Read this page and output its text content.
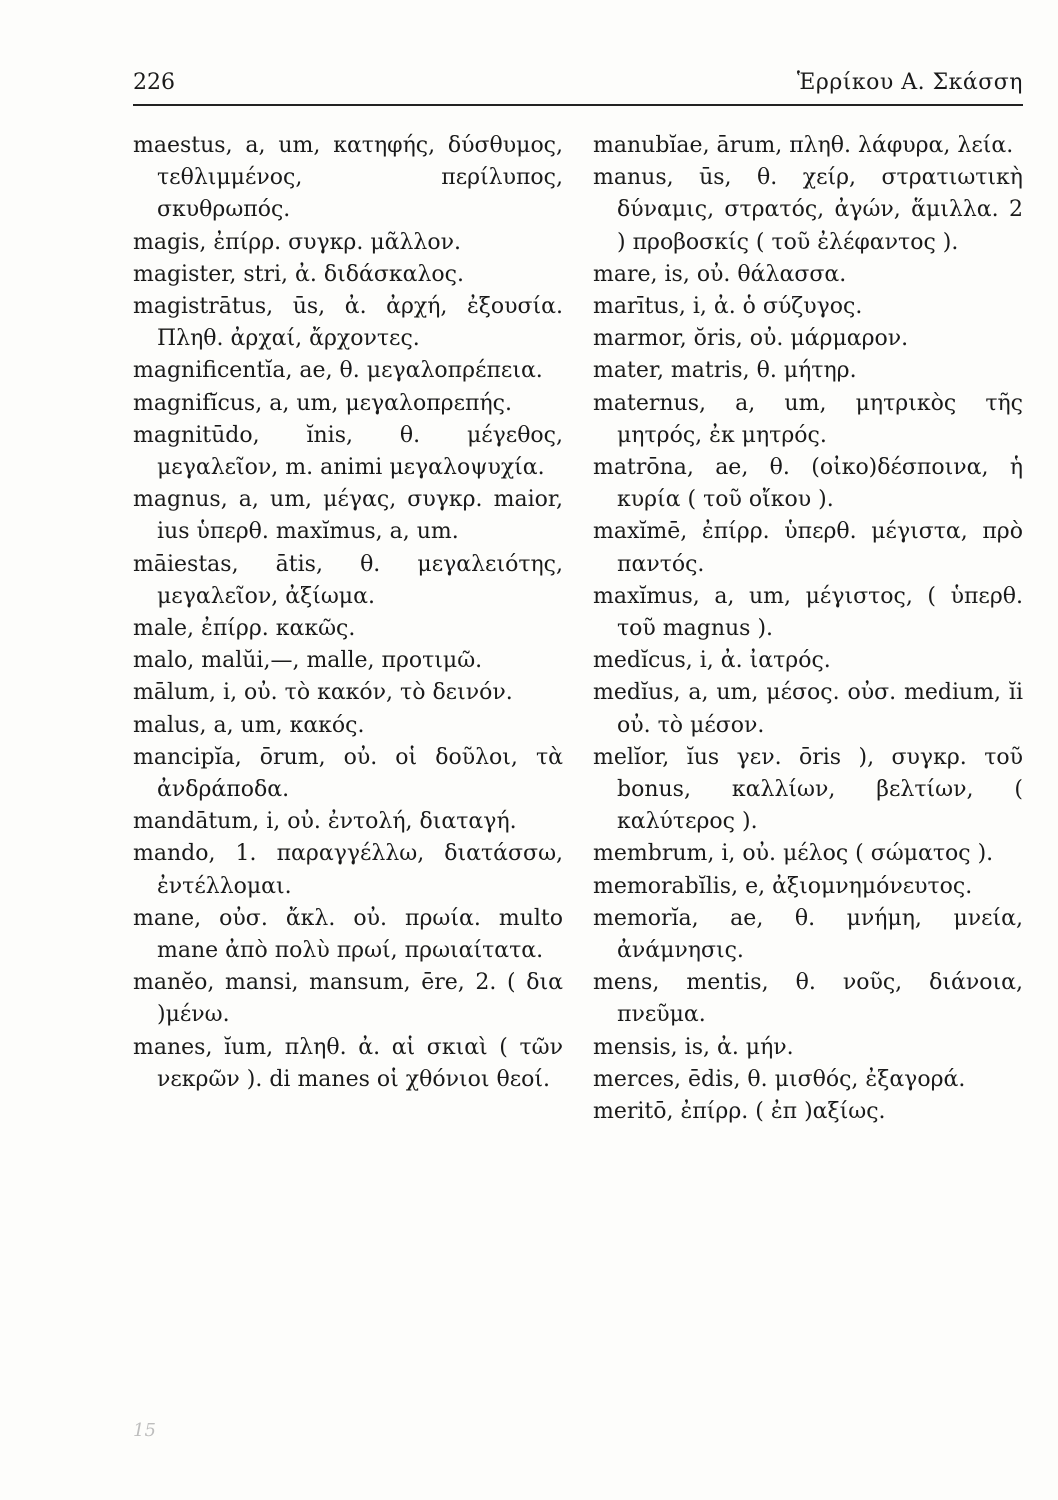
226	Ἑρρίκου Α. Σκάσση

maestus, a, um, κατηφής, δύσθυμος, τεθλιμμένος, περίλυπος, σκυθρωπός.

magis, ἐπίρρ. συγκρ. μᾶλλον.

magister, stri, ἀ. διδάσκαλος.

magistrātus, ūs, ἀ. ἀρχή, ἐξουσία. Πληθ. ἀρχαί, ἄρχοντες.

magnificentĭa, ae, θ. μεγαλοπρέπεια.

magnifĭcus, a, um, μεγαλοπρεπής.

magnitūdo, ĭnis, θ. μέγεθος, μεγαλεῖον, m. animi μεγαλοψυχία.

magnus, a, um, μέγας, συγκρ. maior, ius ὑπερθ. maxĭmus, a, um.

māiestas, ātis, θ. μεγαλειότης, μεγαλεῖον, ἀξίωμα.

male, ἐπίρρ. κακῶς.

malo, malŭi,—, malle, προτιμῶ.

mālum, i, οὐ. τὸ κακόν, τὸ δεινόν.

malus, a, um, κακός.

mancipĭa, ōrum, οὐ. οἱ δοῦλοι, τὰ ἀνδράποδα.

mandātum, i, οὐ. ἐντολή, διαταγή.

mando, 1. παραγγέλλω, διατάσσω, ἐντέλλομαι.

mane, οὐσ. ἄκλ. οὐ. πρωία. multo mane ἀπὸ πολὺ πρωί, πρωιαίτατα.

manĕo, mansi, mansum, ēre, 2. ( δια )μένω.

manes, ĭum, πληθ. ἀ. αἱ σκιαὶ ( τῶν νεκρῶν ). di manes οἱ χθόνιοι θεοί.

manubĭae, ārum, πληθ. λάφυρα, λεία.

manus, ūs, θ. χείρ, στρατιωτικὴ δύναμις, στρατός, ἀγών, ἅμιλλα. 2 ) προβοσκίς ( τοῦ ἐλέφαντος ).

mare, is, οὐ. θάλασσα.

marītus, i, ἀ. ὁ σύζυγος.

marmor, ŏris, οὐ. μάρμαρον.

mater, matris, θ. μήτηρ.

maternus, a, um, μητρικὸς τῆς μητρός, ἐκ μητρός.

matrōna, ae, θ. (οἰκο)δέσποινα, ἡ κυρία ( τοῦ οἴκου ).

maxĭmē, ἐπίρρ. ὑπερθ. μέγιστα, πρὸ παντός.

maxĭmus, a, um, μέγιστος, ( ὑπερθ. τοῦ magnus ).

medĭcus, i, ἀ. ἰατρός.

medĭus, a, um, μέσος. οὐσ. medium, ĭi οὐ. τὸ μέσον.

melĭor, ĭus γεν. ōris ), συγκρ. τοῦ bonus, καλλίων, βελτίων, ( καλύτερος ).

membrum, i, οὐ. μέλος ( σώματος ).

memorabĭlis, e, ἀξιομνημόνευτος.

memorĭa, ae, θ. μνήμη, μνεία, ἀνάμνησις.

mens, mentis, θ. νοῦς, διάνοια, πνεῦμα.

mensis, is, ἀ. μήν.

merces, ēdis, θ. μισθός, ἐξαγορά.

meritō, ἐπίρρ. ( ἐπ )αξίως.

15
